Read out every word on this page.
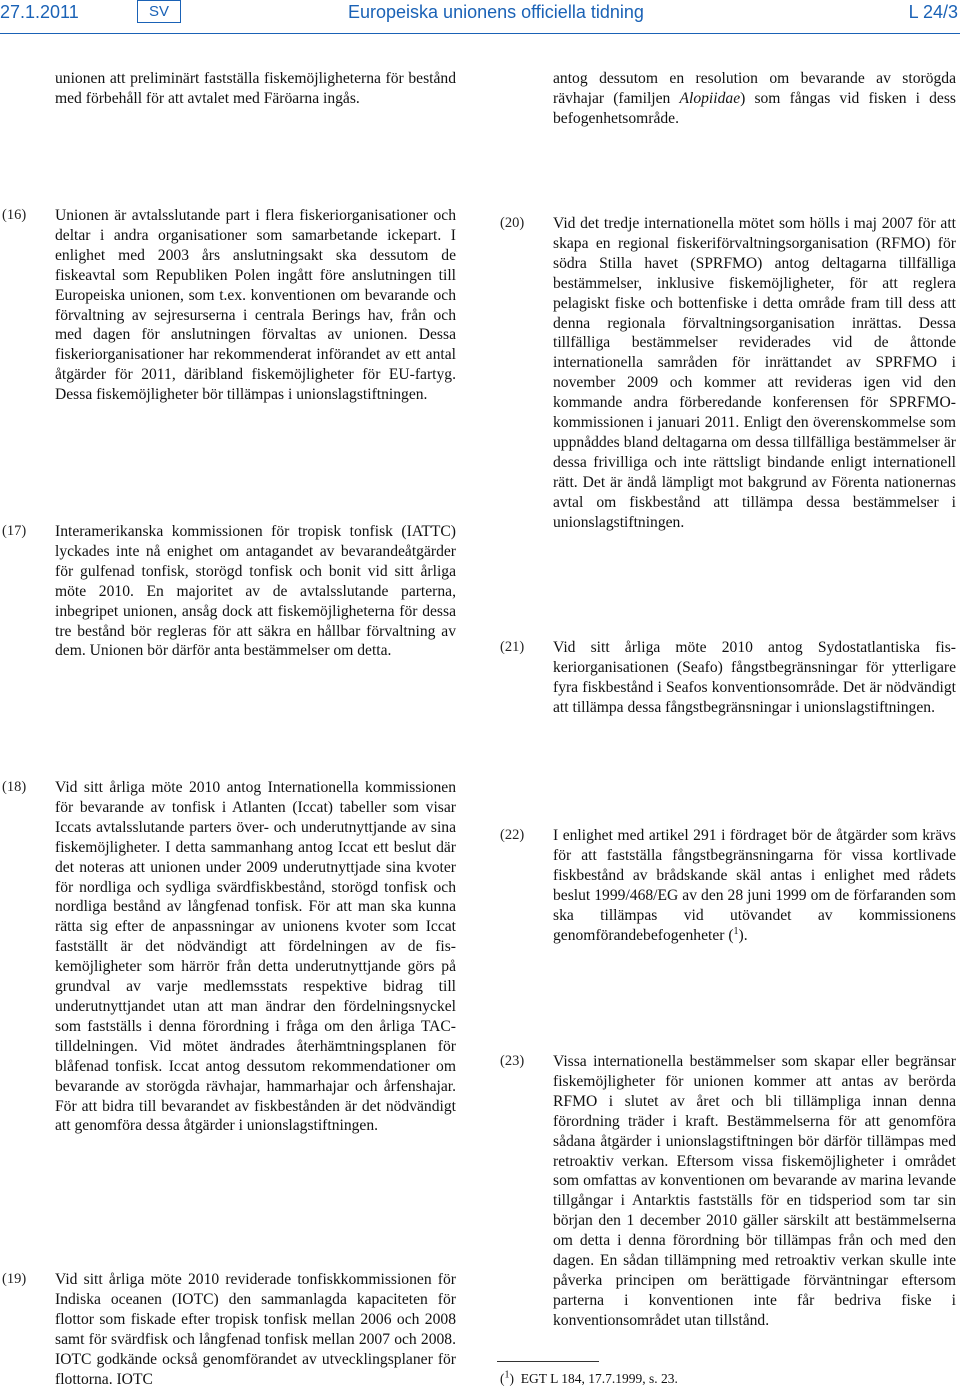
27.1.2011	SV	Europeiska unionens officiella tidning	L 24/3

unionen att preliminärt fastställa fiskemöjligheterna för bestånd med förbehåll för att avtalet med Färöarna ingås.

antog dessutom en resolution om bevarande av storögda rävhajar (familjen Alopiidae) som fångas vid fisken i dess befogenhetsområde.

(16) Unionen är avtalsslutande part i flera fiskeriorganisationer och deltar i andra organisationer som samarbetande ickepart. I enlighet med 2003 års anslutningsakt ska dessutom de fiskeavtal som Republiken Polen ingått före anslutningen till Europeiska unionen, som t.ex. konventionen om bevarande och förvaltning av sejresurserna i centrala Berings hav, från och med dagen för anslutningen förvaltas av unionen. Dessa fiskeriorganisationer har rekommenderat införandet av ett antal åtgärder för 2011, däribland fiskemöjligheter för EU-fartyg. Dessa fiskemöjligheter bör tillämpas i unionslagstiftningen.

(17) Interamerikanska kommissionen för tropisk tonfisk (IATTC) lyckades inte nå enighet om antagandet av bevarandeåtgärder för gulfenad tonfisk, storögd tonfisk och bonit vid sitt årliga möte 2010. En majoritet av de avtalsslutande parterna, inbegripet unionen, ansåg dock att fiskemöjligheterna för dessa tre bestånd bör regleras för att säkra en hållbar förvaltning av dem. Unionen bör därför anta bestämmelser om detta.

(18) Vid sitt årliga möte 2010 antog Internationella kommissionen för bevarande av tonfisk i Atlanten (Iccat) tabeller som visar Iccats avtalsslutande parters över- och underutnyttjande av sina fiskemöjligheter. I detta sammanhang antog Iccat ett beslut där det noteras att unionen under 2009 underutnyttjade sina kvoter för nordliga och sydliga svärdfiskbestånd, storögd tonfisk och nordliga bestånd av långfenad tonfisk. För att man ska kunna rätta sig efter de anpassningar av unionens kvoter som Iccat fastställt är det nödvändigt att fördelningen av de fiskemöjligheter som härrör från detta underutnyttjande görs på grundval av varje medlemsstats respektive bidrag till underutnyttjandet utan att man ändrar den fördelningsnyckel som fastställs i denna förordning i fråga om den årliga TAC-tilldelningen. Vid mötet ändrades återhämtningsplanen för blåfenad tonfisk. Iccat antog dessutom rekommendationer om bevarande av storögda rävhajar, hammarhajar och årfenshajar. För att bidra till bevarandet av fiskbestånden är det nödvändigt att genomföra dessa åtgärder i unionslagstiftningen.

(19) Vid sitt årliga möte 2010 reviderade tonfiskkommissionen för Indiska oceanen (IOTC) den sammanlagda kapaciteten för flottor som fiskade efter tropisk tonfisk mellan 2006 och 2008 samt för svärdfisk och långfenad tonfisk mellan 2007 och 2008. IOTC godkände också genomförandet av utvecklingsplaner för flottorna. IOTC

(20) Vid det tredje internationella mötet som hölls i maj 2007 för att skapa en regional fiskeriförvaltningsorganisation (RFMO) för södra Stilla havet (SPRFMO) antog deltagarna tillfälliga bestämmelser, inklusive fiskemöjligheter, för att reglera pelagiskt fiske och bottenfiske i detta område fram till dess att denna regionala förvaltningsorganisation inrättas. Dessa tillfälliga bestämmelser reviderades vid de åttonde internationella samråden för inrättandet av SPRFMO i november 2009 och kommer att revideras igen vid den kommande andra förberedande konferensen för SPRFMO-kommissionen i januari 2011. Enligt den överenskommelse som uppnåddes bland deltagarna om dessa tillfälliga bestämmelser är dessa frivilliga och inte rättsligt bindande enligt internationell rätt. Det är ändå lämpligt mot bakgrund av Förenta nationernas avtal om fiskbestånd att tillämpa dessa bestämmelser i unionslagstiftningen.

(21) Vid sitt årliga möte 2010 antog Sydostatlantiska fiskeriorganisationen (Seafo) fångstbegränsningar för ytterligare fyra fiskbestånd i Seafos konventionsområde. Det är nödvändigt att tillämpa dessa fångstbegränsningar i unionslagstiftningen.

(22) I enlighet med artikel 291 i fördraget bör de åtgärder som krävs för att fastställa fångstbegränsningarna för vissa kortlivade fiskbestånd av brådskande skäl antas i enlighet med rådets beslut 1999/468/EG av den 28 juni 1999 om de förfaranden som ska tillämpas vid utövandet av kommissionens genomförandebefogenheter ($^1$).

(23) Vissa internationella bestämmelser som skapar eller begränsar fiskemöjligheter för unionen kommer att antas av berörda RFMO i slutet av året och bli tillämpliga innan denna förordning träder i kraft. Bestämmelserna för att genomföra sådana åtgärder i unionslagstiftningen bör därför tillämpas med retroaktiv verkan. Eftersom vissa fiskemöjligheter i området som omfattas av konventionen om bevarande av marina levande tillgångar i Antarktis fastställs för en tidsperiod som tar sin början den 1 december 2010 gäller särskilt att bestämmelserna om detta i denna förordning bör tillämpas från och med den dagen. En sådan tillämpning med retroaktiv verkan skulle inte påverka principen om berättigade förväntningar eftersom parterna i konventionen inte får bedriva fiske i konventionsområdet utan tillstånd.

($^1$) EGT L 184, 17.7.1999, s. 23.
